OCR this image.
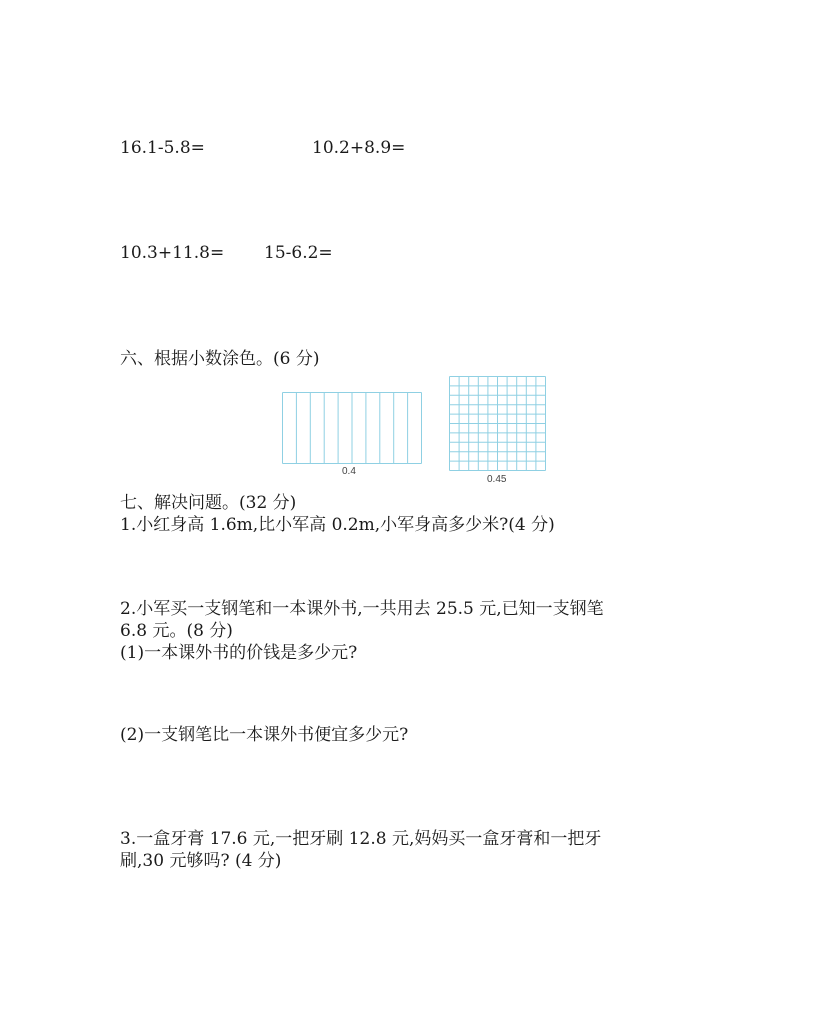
16.1-5.8=	10.2+8.9=
10.3+11.8= 15-6.2=
六、根据小数涂色。(6 分)
0.4
0.45
七、解决问题。(32 分)
1.小红身高 1.6m,比小军高 0.2m,小军身高多少米?(4 分)
2.小军买一支钢笔和一本课外书,一共用去 25.5 元,已知一支钢笔
6.8 元。(8 分)
(1)一本课外书的价钱是多少元?
(2)一支钢笔比一本课外书便宜多少元?
3.一盒牙膏 17.6 元,一把牙刷 12.8 元,妈妈买一盒牙膏和一把牙
刷,30 元够吗? (4 分)
